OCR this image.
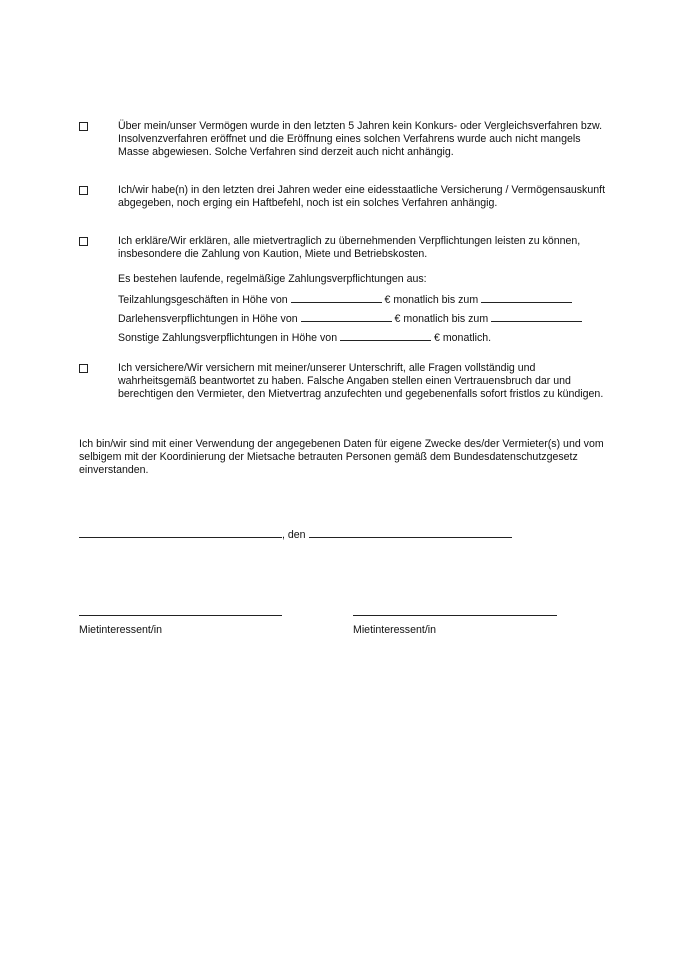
Über mein/unser Vermögen wurde in den letzten 5 Jahren kein Konkurs- oder Vergleichsverfahren bzw. Insolvenzverfahren eröffnet und die Eröffnung eines solchen Verfahrens wurde auch nicht mangels Masse abgewiesen. Solche Verfahren sind derzeit auch nicht anhängig.
Ich/wir habe(n) in den letzten drei Jahren weder eine eidesstaatliche Versicherung / Vermögensauskunft abgegeben, noch erging ein Haftbefehl, noch ist ein solches Verfahren anhängig.
Ich erkläre/Wir erklären, alle mietvertraglich zu übernehmenden Verpflichtungen leisten zu können, insbesondere die Zahlung von Kaution, Miete und Betriebskosten.
Es bestehen laufende, regelmäßige Zahlungsverpflichtungen aus:
Teilzahlungsgeschäften in Höhe von	€ monatlich bis zum
Darlehensverpflichtungen in Höhe von	€ monatlich bis zum
Sonstige Zahlungsverpflichtungen in Höhe von	€ monatlich.
Ich versichere/Wir versichern mit meiner/unserer Unterschrift, alle Fragen vollständig und wahrheitsgemäß beantwortet zu haben. Falsche Angaben stellen einen Vertrauensbruch dar und berechtigen den Vermieter, den Mietvertrag anzufechten und gegebenenfalls sofort fristlos zu kündigen.
Ich bin/wir sind mit einer Verwendung der angegebenen Daten für eigene Zwecke des/der Vermieter(s) und vom selbigem mit der Koordinierung der Mietsache betrauten Personen gemäß dem Bundesdatenschutzgesetz einverstanden.
, den
Mietinteressent/in	Mietinteressent/in
